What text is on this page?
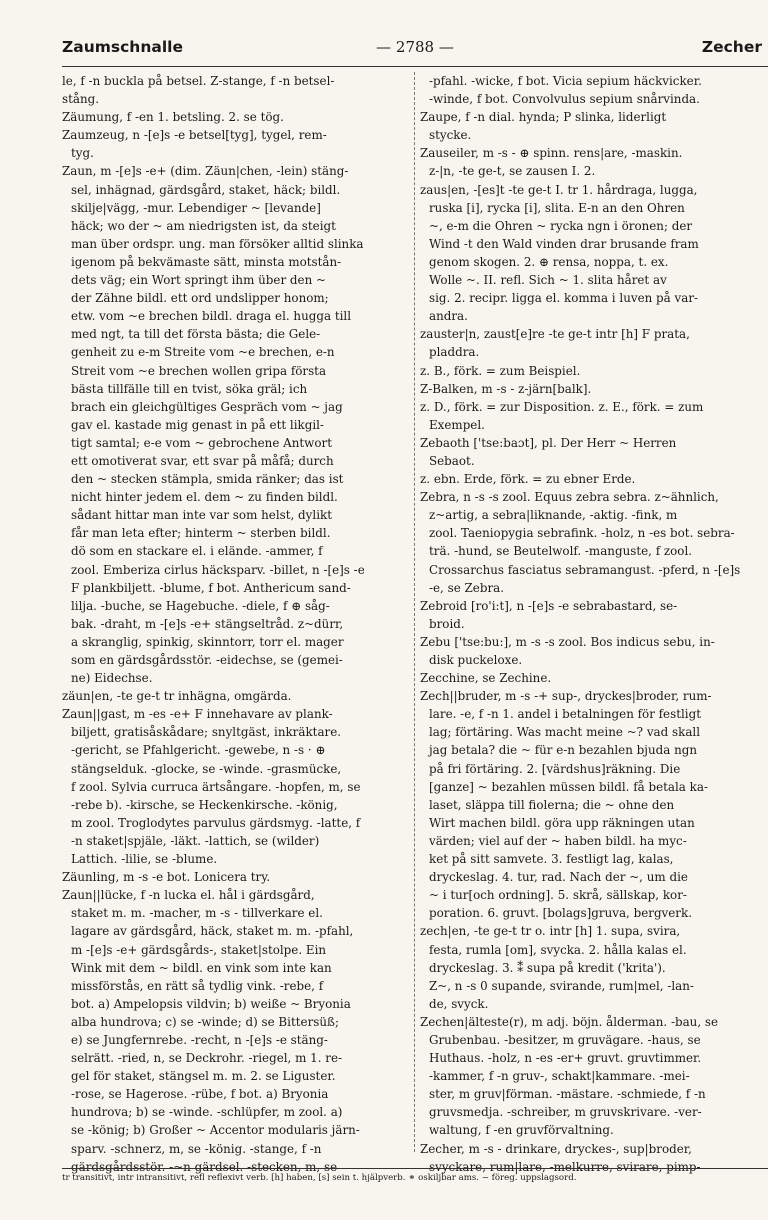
Zaumschnalle	— 2788 —	Zecher
le, f -n buckla på betsel. Z-stange, f -n betsel-
stång.
Zäumung, f -en 1. betsling. 2. se tög.
Zaumzeug, n -[e]s -e betsel[tyg], tygel, rem-
tyg.
Zaun, m -[e]s -e+ (dim. Zäun|chen, -lein) stäng-
sel, inhägnad, gärdsgård, staket, häck; bildl.
skilje|vägg, -mur. Lebendiger ~ [levande]
häck; wo der ~ am niedrigsten ist, da steigt
man über ordspr. ung. man försöker alltid slinka
igenom på bekvämaste sätt, minsta motstån-
dets väg; ein Wort springt ihm über den ~
der Zähne bildl. ett ord undslipper honom;
etw. vom ~e brechen bildl. draga el. hugga till
med ngt, ta till det första bästa; die Gele-
genheit zu e-m Streite vom ~e brechen, e-n
Streit vom ~e brechen wollen gripa första
bästa tillfälle till en tvist, söka gräl; ich
brach ein gleichgültiges Gespräch vom ~ jag
gav el. kastade mig genast in på ett likgil-
tigt samtal; e-e vom ~ gebrochene Antwort
ett omotiverat svar, ett svar på måfå; durch
den ~ stecken stämpla, smida ränker; das ist
nicht hinter jedem el. dem ~ zu finden bildl.
sådant hittar man inte var som helst, dylikt
får man leta efter; hinterm ~ sterben bildl.
dö som en stackare el. i elände. -ammer, f
zool. Emberiza cirlus häcksparv. -billet, n -[e]s -e
F plankbiljett. -blume, f bot. Anthericum sand-
lilja. -buche, se Hagebuche. -diele, f ⊕ såg-
bak. -draht, m -[e]s -e+ stängseltråd. z~dürr,
a skranglig, spinkig, skinntorr, torr el. mager
som en gärdsgårdsstör. -eidechse, se (gemei-
ne) Eidechse.
zäun|en, -te ge-t tr inhägna, omgärda.
Zaun||gast, m -es -e+ F innehavare av plank-
biljett, gratisåskådare; snyltgäst, inkräktare.
-gericht, se Pfahlgericht. -gewebe, n -s · ⊕
stängselduk. -glocke, se -winde. -grasmücke,
f zool. Sylvia curruca ärtsångare. -hopfen, m, se
-rebe b). -kirsche, se Heckenkirsche. -könig,
m zool. Troglodytes parvulus gärdsmyg. -latte, f
-n staket|spjäle, -läkt. -lattich, se (wilder)
Lattich. -lilie, se -blume.
Zäunling, m -s -e bot. Lonicera try.
Zaun||lücke, f -n lucka el. hål i gärdsgård,
staket m. m. -macher, m -s - tillverkare el.
lagare av gärdsgård, häck, staket m. m. -pfahl,
m -[e]s -e+ gärdsgårds-, staket|stolpe. Ein
Wink mit dem ~ bildl. en vink som inte kan
missförstås, en rätt så tydlig vink. -rebe, f
bot. a) Ampelopsis vildvin; b) weiße ~ Bryonia
alba hundrova; c) se -winde; d) se Bittersüß;
e) se Jungfernrebe. -recht, n -[e]s -e stäng-
selrätt. -ried, n, se Deckrohr. -riegel, m 1. re-
gel för staket, stängsel m. m. 2. se Liguster.
-rose, se Hagerose. -rübe, f bot. a) Bryonia
hundrova; b) se -winde. -schlüpfer, m zool. a)
se -könig; b) Großer ~ Accentor modularis järn-
sparv. -schnerz, m, se -könig. -stange, f -n
gärdsgårdsstör. -~n gärdsel. -stecken, m, se
-pfahl. -wicke, f bot. Vicia sepium häckvicker.
-winde, f bot. Convolvulus sepium snårvinda.
Zaupe, f -n dial. hynda; P slinka, liderligt
stycke.
Zauseiler, m -s - ⊕ spinn. rens|are, -maskin.
z-|n, -te ge-t, se zausen I. 2.
zaus|en, -[es]t -te ge-t I. tr 1. hårdraga, lugga,
ruska [i], rycka [i], slita. E-n an den Ohren
~, e-m die Ohren ~ rycka ngn i öronen; der
Wind -t den Wald vinden drar brusande fram
genom skogen. 2. ⊕ rensa, noppa, t. ex.
Wolle ~. II. refl. Sich ~ 1. slita håret av
sig. 2. recipr. ligga el. komma i luven på var-
andra.
zauster|n, zaust[e]re -te ge-t intr [h] F prata,
pladdra.
z. B., förk. = zum Beispiel.
Z-Balken, m -s - z-järn[balk].
z. D., förk. = zur Disposition. z. E., förk. = zum
Exempel.
Zebaoth ['tse:baɔt], pl. Der Herr ~ Herren
Sebaot.
z. ebn. Erde, förk. = zu ebner Erde.
Zebra, n -s -s zool. Equus zebra sebra. z~ähnlich,
z~artig, a sebra|liknande, -aktig. -fink, m
zool. Taeniopygia sebrafink. -holz, n -es bot. sebra-
trä. -hund, se Beutelwolf. -manguste, f zool.
Crossarchus fasciatus sebramangust. -pferd, n -[e]s
-e, se Zebra.
Zebroid [ro'i:t], n -[e]s -e sebrabastard, se-
broid.
Zebu ['tse:bu:], m -s -s zool. Bos indicus sebu, in-
disk puckeloxe.
Zecchine, se Zechine.
Zech||bruder, m -s -+ sup-, dryckes|broder, rum-
lare. -e, f -n 1. andel i betalningen för festligt
lag; förtäring. Was macht meine ~? vad skall
jag betala? die ~ für e-n bezahlen bjuda ngn
på fri förtäring. 2. [värdshus]räkning. Die
[ganze] ~ bezahlen müssen bildl. få betala ka-
laset, släppa till fiolerna; die ~ ohne den
Wirt machen bildl. göra upp räkningen utan
värden; viel auf der ~ haben bildl. ha myc-
ket på sitt samvete. 3. festligt lag, kalas,
dryckeslag. 4. tur, rad. Nach der ~, um die
~ i tur[och ordning]. 5. skrå, sällskap, kor-
poration. 6. gruvt. [bolags]gruva, bergverk.
zech|en, -te ge-t tr o. intr [h] 1. supa, svira,
festa, rumla [om], svycka. 2. hålla kalas el.
dryckeslag. 3. ⁑ supa på kredit ('krita').
Z~, n -s 0 supande, svirande, rum|mel, -lan-
de, svyck.
Zechen|älteste(r), m adj. böjn. ålderman. -bau, se
Grubenbau. -besitzer, m gruvägare. -haus, se
Huthaus. -holz, n -es -er+ gruvt. gruvtimmer.
-kammer, f -n gruv-, schakt|kammare. -mei-
ster, m gruv|förman. -mästare. -schmiede, f -n
gruvsmedja. -schreiber, m gruvskrivare. -ver-
waltung, f -en gruvförvaltning.
Zecher, m -s - drinkare, dryckes-, sup|broder,
svyckare, rum|lare, -melkurre, svirare, pimp-
tr transitivt, intr intransitivt, refl reflexivt verb. [h] haben, [s] sein t. hjälpverb. ⚭ oskiljbar ams. ~ föreg. uppslagsord.
